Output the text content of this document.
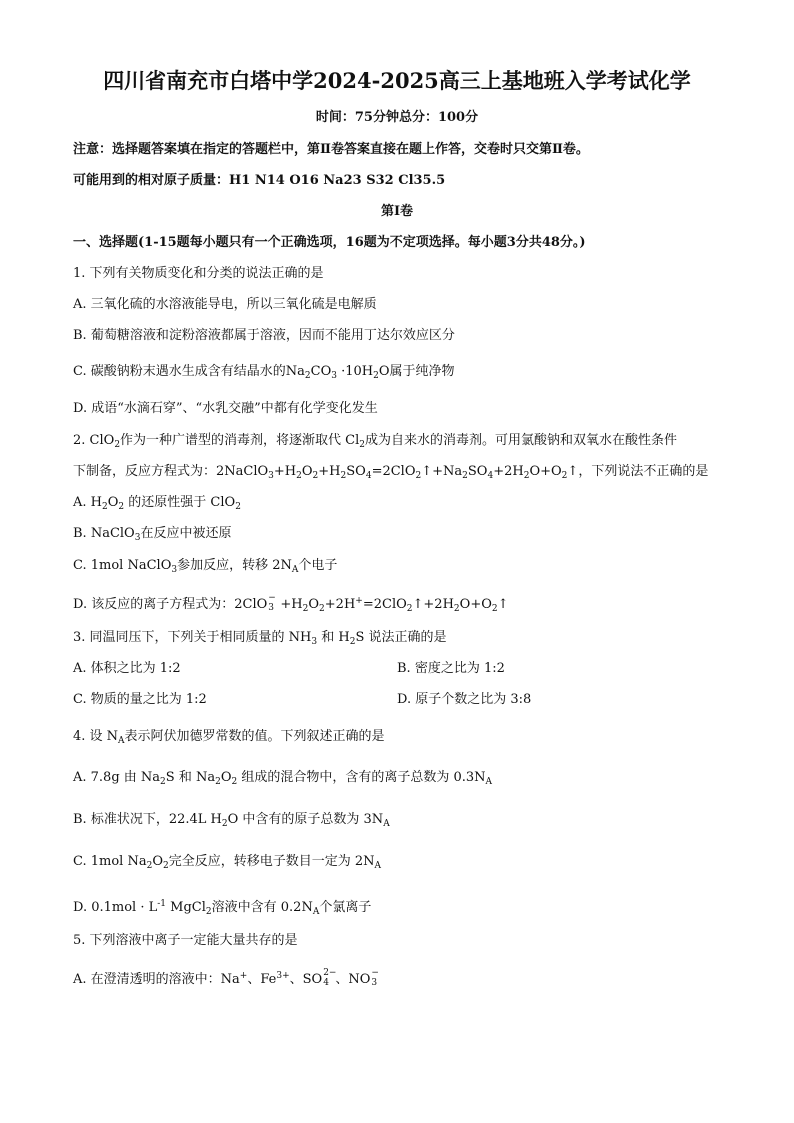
四川省南充市白塔中学2024-2025高三上基地班入学考试化学
时间：75分钟总分：100分
注意：选择题答案填在指定的答题栏中，第Ⅱ卷答案直接在题上作答，交卷时只交第Ⅱ卷。
可能用到的相对原子质量：H1 N14 O16 Na23 S32 Cl35.5
第Ⅰ卷
一、选择题(1-15题每小题只有一个正确选项，16题为不定项选择。每小题3分共48分。)
1. 下列有关物质变化和分类的说法正确的是
A. 三氧化硫的水溶液能导电，所以三氧化硫是电解质
B. 葡萄糖溶液和淀粉溶液都属于溶液，因而不能用丁达尔效应区分
C. 碳酸钠粉末遇水生成含有结晶水的$Na_2CO_3 \cdot 10H_2O$属于纯净物
D. 成语“水滴石穿”、“水乳交融”中都有化学变化发生
2. ClO$_2$作为一种广谱型的消毒剂，将逐渐取代 $Cl_2$成为自来水的消毒剂。可用氯酸钠和双氧水在酸性条件
下制备，反应方程式为：$2NaClO_3+H_2O_2+H_2SO_4=2ClO_2↑+Na_2SO_4+2H_2O+O_2↑$，下列说法不正确的是
A. $H_2O_2$ 的还原性强于 ClO$_2$
B. NaClO$_3$在反应中被还原
C. 1mol NaClO$_3$参加反应，转移 $2N_A$个电子
D. 该反应的离子方程式为：2ClO −
$3 +H_2O_2+2H^+=2ClO_2↑+2H_2O+O_2↑$
3. 同温同压下，下列关于相同质量的 $NH_3$ 和 $H_2S$ 说法正确的是
A. 体积之比为 1:2	B. 密度之比为 1:2
C. 物质的量之比为 1:2	D. 原子个数之比为 3:8
4. 设 $N_A$表示阿伏加德罗常数的值。下列叙述正确的是
A. 7.8g 由 $Na_2S$ 和 $Na_2O_2$ 组成的混合物中，含有的离子总数为 $0.3N_A$
B. 标准状况下，22.4L $H_2O$ 中含有的原子总数为 $3N_A$
C. 1mol $Na_2O_2$完全反应，转移电子数目一定为 $2N_A$
D. $0.1mol \cdot L^{-1}$ MgCl$_2$溶液中含有 $0.2N_A$个氯离子
5. 下列溶液中离子一定能大量共存的是
A. 在澄清透明的溶液中：Na+、$Fe^{3+}$、SO 2−
4 、NO −
3
